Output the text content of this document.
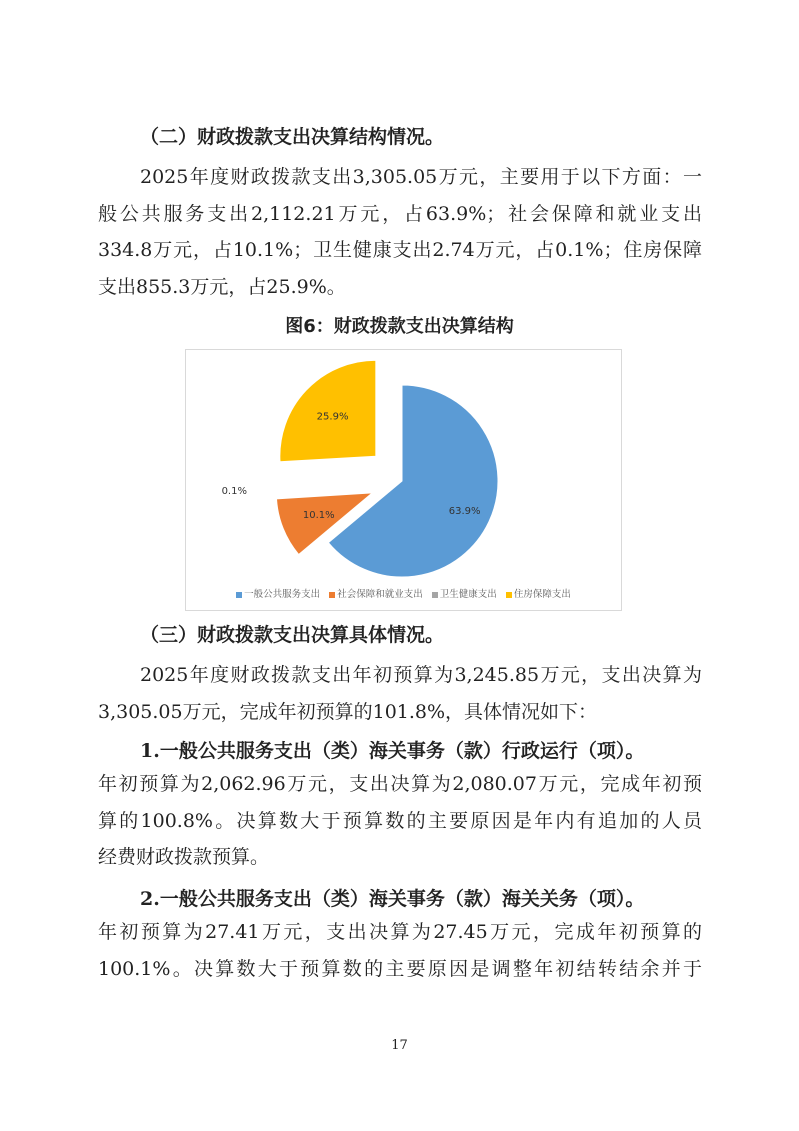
（二）财政拨款支出决算结构情况。
2025年度财政拨款支出3,305.05万元，主要用于以下方面：一
般公共服务支出2,112.21万元，占63.9%；社会保障和就业支出
334.8万元，占10.1%；卫生健康支出2.74万元，占0.1%；住房保障
支出855.3万元，占25.9%。
图6：财政拨款支出决算结构
63.9%
10.1%
0.1%
25.9%
一般公共服务支出 社会保障和就业支出 卫生健康支出 住房保障支出
（三）财政拨款支出决算具体情况。
2025年度财政拨款支出年初预算为3,245.85万元，支出决算为
3,305.05万元，完成年初预算的101.8%，具体情况如下：
1.一般公共服务支出（类）海关事务（款）行政运行（项）。
年初预算为2,062.96万元，支出决算为2,080.07万元，完成年初预
算的100.8%。决算数大于预算数的主要原因是年内有追加的人员
经费财政拨款预算。
2.一般公共服务支出（类）海关事务（款）海关关务（项）。
年初预算为27.41万元，支出决算为27.45万元，完成年初预算的
100.1%。决算数大于预算数的主要原因是调整年初结转结余并于
17
